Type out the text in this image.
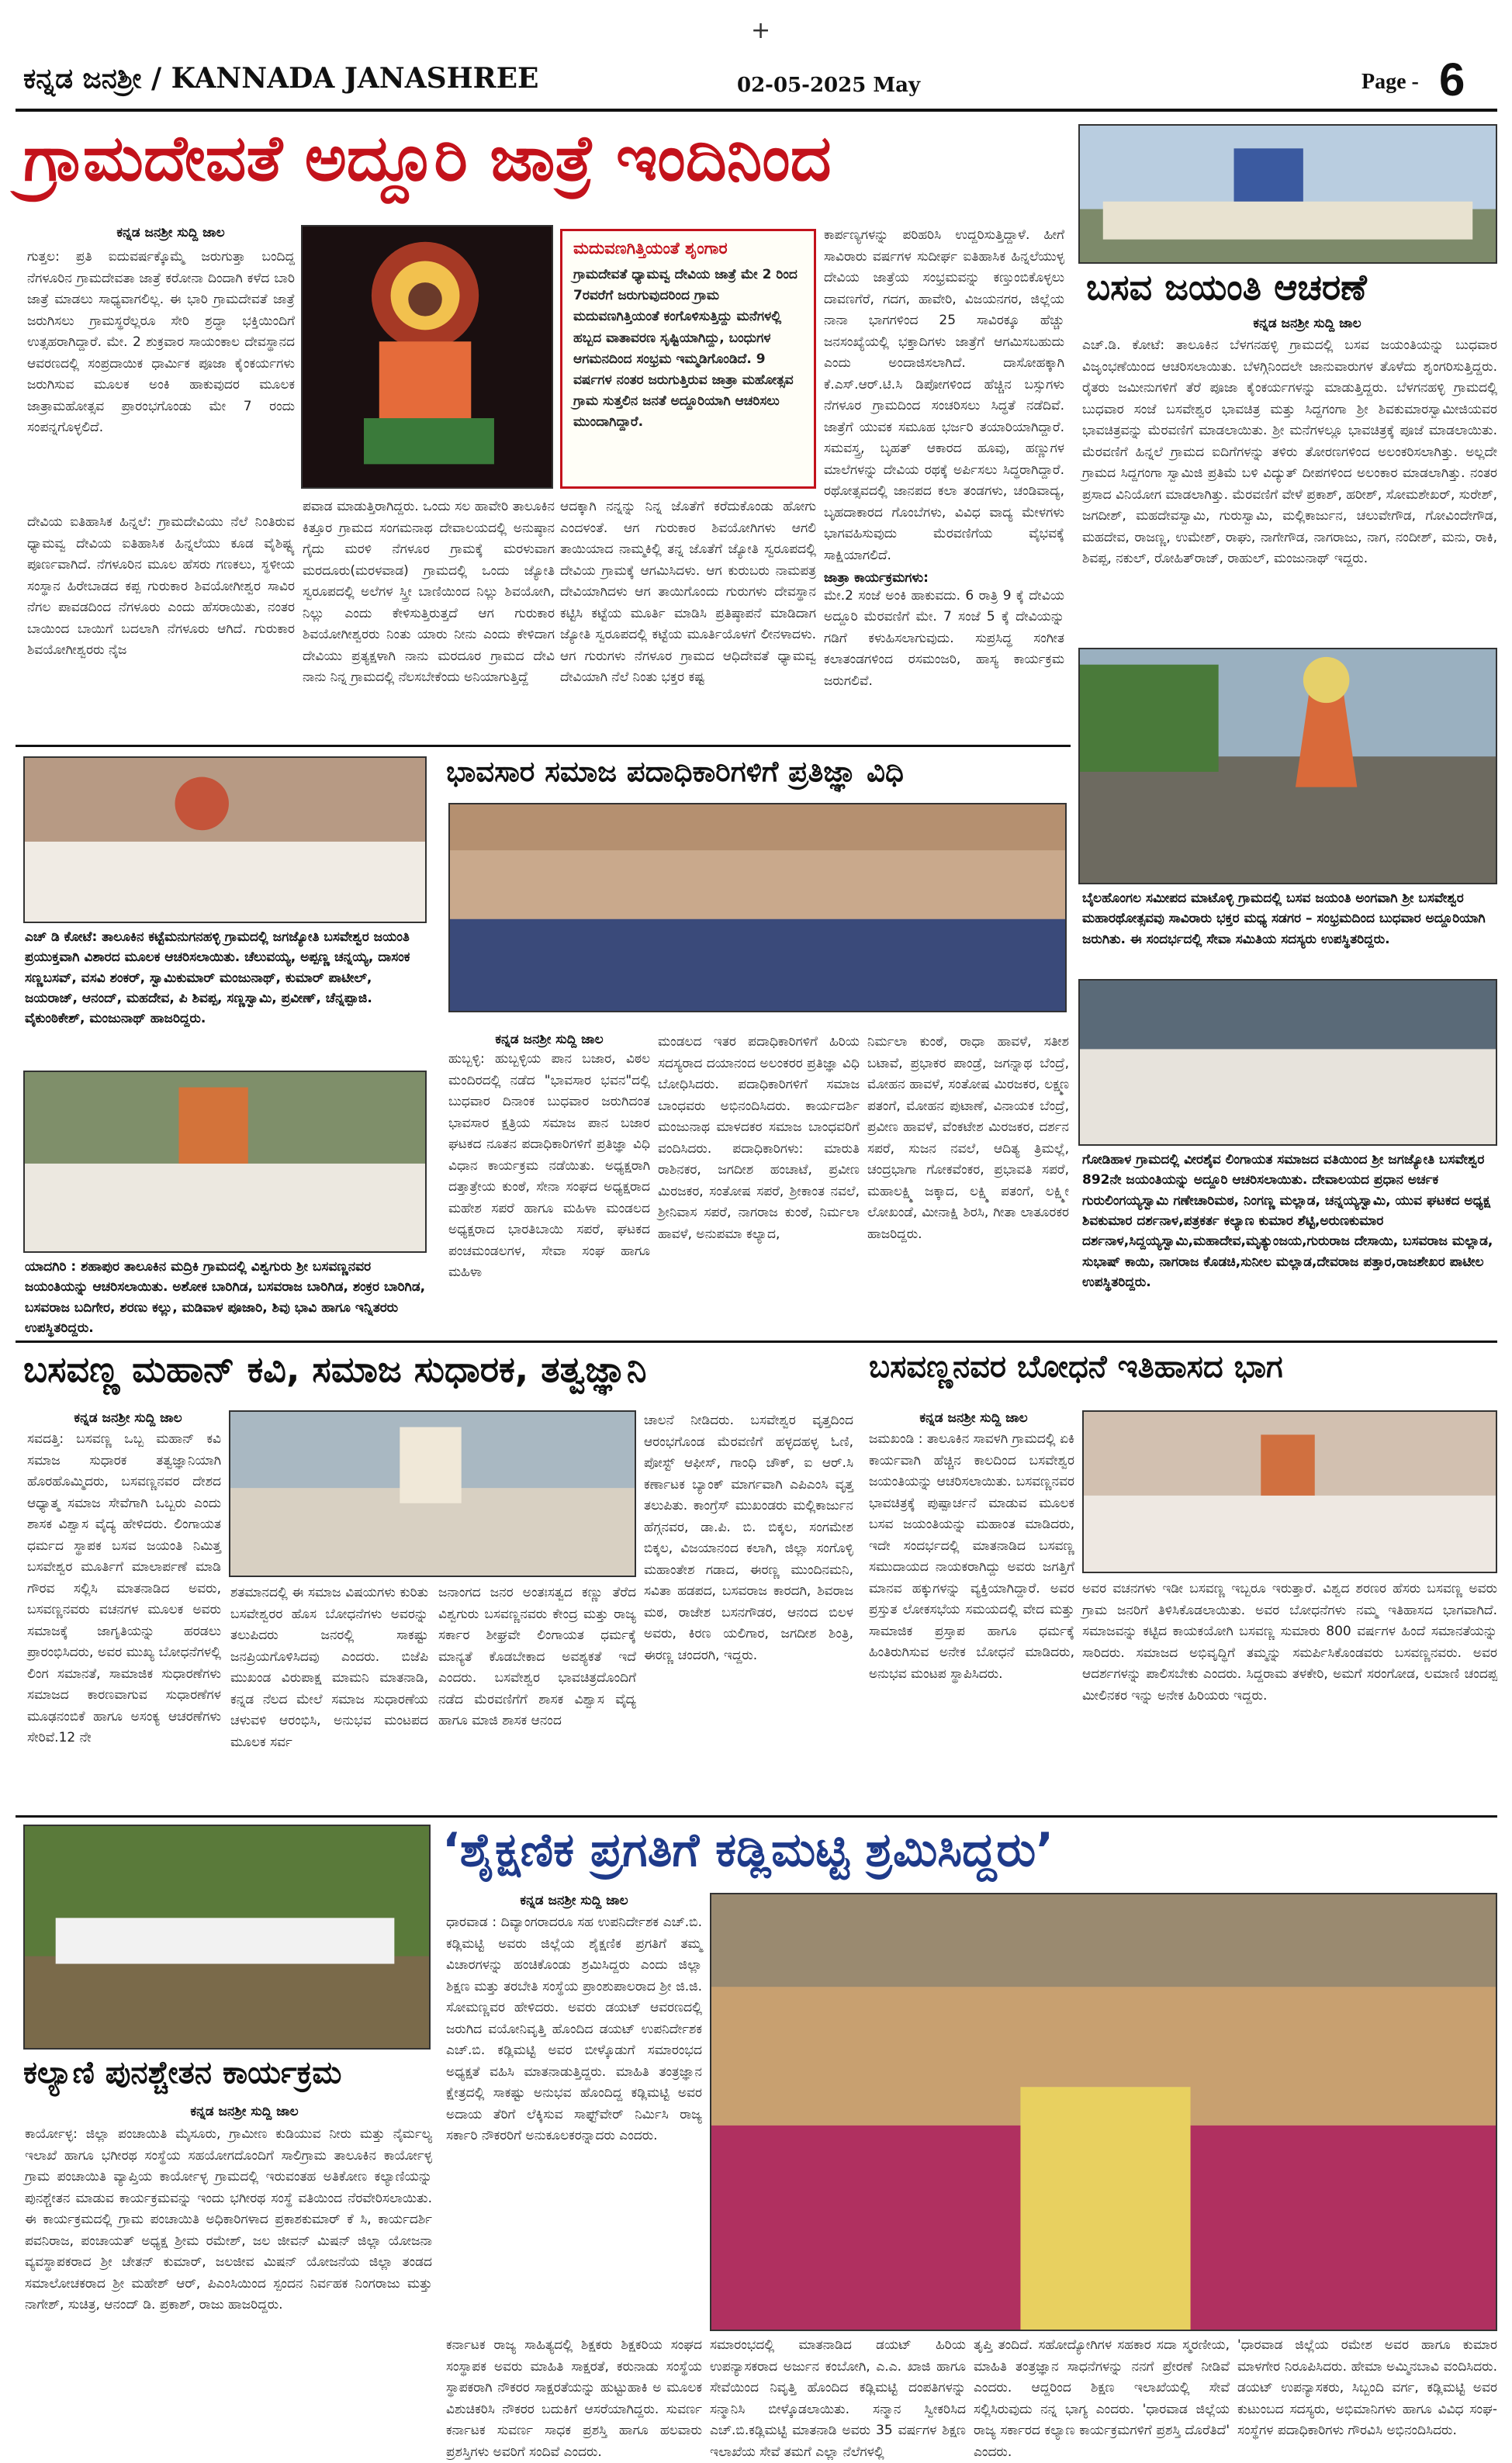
+
ಕನ್ನಡ ಜನಶ್ರೀ / KANNADA JANASHREE	02-05-2025 May	Page - 6
ಗ್ರಾಮದೇವತೆ ಅದ್ದೂರಿ ಜಾತ್ರೆ ಇಂದಿನಿಂದ
ಕನ್ನಡ ಜನಶ್ರೀ ಸುದ್ದಿ ಜಾಲ
ಗುತ್ತಲ: ಪ್ರತಿ ಐದುವರ್ಷಕ್ಕೊಮ್ಮೆ ಜರುಗುತ್ತಾ ಬಂದಿದ್ದ ನೆಗಳೂರಿನ ಗ್ರಾಮದೇವತಾ ಜಾತ್ರೆ ಕರೋನಾ ದಿಂದಾಗಿ ಕಳೆದ ಬಾರಿ ಜಾತ್ರೆ ಮಾಡಲು ಸಾಧ್ಯವಾಗಲಿಲ್ಲ. ಈ ಭಾರಿ ಗ್ರಾಮದೇವತೆ ಜಾತ್ರೆ ಜರುಗಿಸಲು ಗ್ರಾಮಸ್ಥರೆಲ್ಲರೂ ಸೇರಿ ಶ್ರದ್ಧಾ ಭಕ್ತಿಯಿಂದಿಗೆ ಉತ್ಸಹರಾಗಿದ್ದಾರೆ. ಮೇ. 2 ಶುಕ್ರವಾರ ಸಾಯಂಕಾಲ ದೇವಸ್ಥಾನದ ಆವರಣದಲ್ಲಿ ಸಂಪ್ರದಾಯಿಕ ಧಾರ್ಮಿಕ ಪೂಜಾ ಕೈಂಕರ್ಯಗಳು ಜರುಗಿಸುವ ಮೂಲಕ ಅಂಕಿ ಹಾಕುವುದರ ಮೂಲಕ ಜಾತ್ರಾಮಹೋತ್ಸವ ಪ್ರಾರಂಭಗೊಂಡು ಮೇ 7 ರಂದು ಸಂಪನ್ನಗೊಳ್ಳಲಿದೆ.
ದೇವಿಯ ಐತಿಹಾಸಿಕ ಹಿನ್ನಲೆ: ಗ್ರಾಮದೇವಿಯು ನೆಲೆ ನಿಂತಿರುವ ಧ್ಯಾಮವ್ವ ದೇವಿಯ ಐತಿಹಾಸಿಕ ಹಿನ್ನಲೆಯು ಕೂಡ ವೈಶಿಷ್ಟ್ಯ ಪೂರ್ಣವಾಗಿದೆ. ನೆಗಳೂರಿನ ಮೂಲ ಹೆಸರು ಗಣಕಲು, ಸ್ಥಳೀಯ ಸಂಸ್ಥಾನ ಹಿರೇಬಾಡದ ಕಪ್ಪ ಗುರುಕಾರ ಶಿವಯೋಗೀಶ್ವರ ಸಾವಿರ ನೆಗಲ ಪಾವಡದಿಂದ ನೆಗಳೂರು ಎಂದು ಹೆಸರಾಯಿತು, ನಂತರ ಬಾಯಿಂದ ಬಾಯಿಗೆ ಬದಲಾಗಿ ನೆಗಳೂರು ಆಗಿದೆ. ಗುರುಕಾರ ಶಿವಯೋಗೀಶ್ವರರು ನೈಜ
ಪವಾಡ ಮಾಡುತ್ತಿರಾಗಿದ್ದರು. ಒಂದು ಸಲ ಹಾವೇರಿ ತಾಲೂಕಿನ ಕಿತ್ತೂರ ಗ್ರಾಮದ ಸಂಗಮನಾಥ ದೇವಾಲಯದಲ್ಲಿ ಅನುಷ್ಠಾನ ಗೈದು ಮರಳಿ ನೆಗಳೂರ ಗ್ರಾಮಕ್ಕೆ ಮರಳುವಾಗ ಮರದೂರು(ಮರಳವಾಡ) ಗ್ರಾಮದಲ್ಲಿ ಒಂದು ಜ್ಯೋತಿ ಸ್ವರೂಪದಲ್ಲಿ ಅಲೆಗಳ ಸ್ತ್ರೀ ಬಾಣಿಯಿಂದ ನಿಲ್ಲು ಶಿವಯೋಗಿ, ನಿಲ್ಲು ಎಂದು ಕೇಳಿಸುತ್ತಿರುತ್ತದೆ ಆಗ ಗುರುಕಾರ ಶಿವಯೋಗೀಶ್ವರರು ನಿಂತು ಯಾರು ನೀನು ಎಂದು ಕೇಳಿದಾಗ ದೇವಿಯು ಪ್ರತ್ಯಕ್ಷಳಾಗಿ ನಾನು ಮರದೂರ ಗ್ರಾಮದ ದೇವಿ ನಾನು ನಿನ್ನ ಗ್ರಾಮದಲ್ಲಿ ನೆಲಸಬೇಕೆಂದು ಅನಿಯಾಗುತ್ತಿದ್ದೆ
ಮದುವಣಗಿತ್ತಿಯಂತೆ ಶೃಂಗಾರ
ಗ್ರಾಮದೇವತೆ ಧ್ಯಾಮವ್ವ ದೇವಿಯ ಜಾತ್ರೆ ಮೇ 2 ರಿಂದ 7ರವರೆಗೆ ಜರುಗುವುದರಿಂದ ಗ್ರಾಮ ಮದುವಣಗಿತ್ತಿಯಂತೆ ಕಂಗೊಳಿಸುತ್ತಿದ್ದು ಮನೆಗಳಲ್ಲಿ ಹಬ್ಬದ ವಾತಾವರಣ ಸೃಷ್ಟಿಯಾಗಿದ್ದು, ಬಂಧುಗಳ ಆಗಮನದಿಂದ ಸಂಭ್ರಮ ಇಮ್ಮಡಿಗೊಂಡಿದೆ. 9 ವರ್ಷಗಳ ನಂತರ ಜರುಗುತ್ತಿರುವ ಜಾತ್ರಾ ಮಹೋತ್ಸವ ಗ್ರಾಮ ಸುತ್ತಲಿನ ಜನತೆ ಅದ್ದೂರಿಯಾಗಿ ಆಚರಿಸಲು ಮುಂದಾಗಿದ್ದಾರೆ.
ಆದಕ್ಕಾಗಿ ನನ್ನನ್ನು ನಿನ್ನ ಜೊತೆಗೆ ಕರೆದುಕೊಂಡು ಹೋಗು ಎಂದಳಂತೆ. ಆಗ ಗುರುಕಾರ ಶಿವಯೋಗಿಗಳು ಆಗಲಿ ತಾಯಿಯಾದ ನಾಮ್ಮಕಿಲ್ಲಿ ತನ್ನ ಜೊತೆಗೆ ಜ್ಯೋತಿ ಸ್ವರೂಪದಲ್ಲಿ ದೇವಿಯ ಗ್ರಾಮಕ್ಕೆ ಆಗಮಿಸಿದಳು. ಆಗ ಕುರುಬರು ನಾಮಪತ್ರ ದೇವಿಯಾಗಿದಳು ಆಗ ತಾಯಿಗೊಂದು ಗುರುಗಳು ದೇವಸ್ಥಾನ ಕಟ್ಟಿಸಿ ಕಟ್ಟೆಯ ಮೂರ್ತಿ ಮಾಡಿಸಿ ಪ್ರತಿಷ್ಠಾಪನೆ ಮಾಡಿದಾಗ ಜ್ಯೋತಿ ಸ್ವರೂಪದಲ್ಲಿ ಕಟ್ಟೆಯ ಮೂರ್ತಿಯೊಳಗೆ ಲೀನಳಾದಳು. ಆಗ ಗುರುಗಳು ನೆಗಳೂರ ಗ್ರಾಮದ ಆಧಿದೇವತೆ ಧ್ಯಾಮವ್ವ ದೇವಿಯಾಗಿ ನೆಲೆ ನಿಂತು ಭಕ್ತರ ಕಷ್ಟ
ಕಾರ್ಪಣ್ಯಗಳನ್ನು ಪರಿಹರಿಸಿ ಉದ್ದರಿಸುತ್ತಿದ್ದಾಳೆ. ಹೀಗೆ ಸಾವಿರಾರು ವರ್ಷಗಳ ಸುದೀರ್ಘ ಐತಿಹಾಸಿಕ ಹಿನ್ನಲೆಯುಳ್ಳ ದೇವಿಯ ಜಾತ್ರೆಯ ಸಂಭ್ರಮವನ್ನು ಕಣ್ತುಂಬಿಕೊಳ್ಳಲು ದಾವಣಗೆರೆ, ಗದಗ, ಹಾವೇರಿ, ವಿಜಯನಗರ, ಜಿಲ್ಲೆಯ ನಾನಾ ಭಾಗಗಳಿಂದ 25 ಸಾವಿರಕ್ಕೂ ಹೆಚ್ಚು ಜನಸಂಖ್ಯೆಯಲ್ಲಿ ಭಕ್ತಾದಿಗಳು ಜಾತ್ರೆಗೆ ಆಗಮಿಸಬಹುದು ಎಂದು ಅಂದಾಜಿಸಲಾಗಿದೆ. ದಾಸೋಹಕ್ಕಾಗಿ ಕೆ.ಎಸ್.ಆರ್.ಟಿ.ಸಿ ಡಿಪೋಗಳಿಂದ ಹೆಚ್ಚಿನ ಬಸ್ಸುಗಳು ನೆಗಳೂರ ಗ್ರಾಮದಿಂದ ಸಂಚರಿಸಲು ಸಿದ್ಧತೆ ನಡೆದಿವೆ. ಜಾತ್ರೆಗೆ ಯುವಕ ಸಮೂಹ ಭರ್ಜರಿ ತಯಾರಿಯಾಗಿದ್ದಾರೆ. ಸಮವಸ್ತ್ರ, ಬೃಹತ್ ಆಕಾರದ ಹೂವು, ಹಣ್ಣುಗಳ ಮಾಲೆಗಳನ್ನು ದೇವಿಯ ರಥಕ್ಕೆ ಅರ್ಪಿಸಲು ಸಿದ್ಧರಾಗಿದ್ದಾರೆ. ರಥೋತ್ಸವದಲ್ಲಿ ಜಾನಪದ ಕಲಾ ತಂಡಗಳು, ಚಂಡಿವಾದ್ಯ, ಬೃಹದಾಕಾರದ ಗೊಂಬೆಗಳು, ವಿವಿಧ ವಾದ್ಯ ಮೇಳಗಳು ಭಾಗವಹಿಸುವುದು ಮೆರವಣಿಗೆಯ ವೈಭವಕ್ಕೆ ಸಾಕ್ಷಿಯಾಗಲಿದೆ.
ಜಾತ್ರಾ ಕಾರ್ಯಕ್ರಮಗಳು:
ಮೇ.2 ಸಂಜೆ ಅಂಕಿ ಹಾಕುವದು. 6 ರಾತ್ರಿ 9 ಕ್ಕೆ ದೇವಿಯ ಅದ್ದೂರಿ ಮೆರವಣಿಗೆ ಮೇ. 7 ಸಂಜೆ 5 ಕ್ಕೆ ದೇವಿಯನ್ನು ಗಡಿಗೆ ಕಳುಹಿಸಲಾಗುವುದು. ಸುಪ್ರಸಿದ್ಧ ಸಂಗೀತ ಕಲಾತಂಡಗಳಿಂದ ರಸಮಂಜರಿ, ಹಾಸ್ಯ ಕಾರ್ಯಕ್ರಮ ಜರುಗಲಿವೆ.
ಬಸವ ಜಯಂತಿ ಆಚರಣೆ
ಕನ್ನಡ ಜನಶ್ರೀ ಸುದ್ದಿ ಜಾಲ
ಎಚ್.ಡಿ. ಕೋಟೆ: ತಾಲೂಕಿನ ಬೆಳಗನಹಳ್ಳಿ ಗ್ರಾಮದಲ್ಲಿ ಬಸವ ಜಯಂತಿಯನ್ನು ಬುಧವಾರ ವಿಜೃಂಭಣೆಯಿಂದ ಆಚರಿಸಲಾಯಿತು. ಬೆಳಗ್ಗಿನಿಂದಲೇ ಜಾನುವಾರುಗಳ ತೊಳೆದು ಶೃಂಗರಿಸುತ್ತಿದ್ದರು. ರೈತರು ಜಮೀನುಗಳಿಗೆ ತೆರೆ ಪೂಜಾ ಕೈಂಕರ್ಯಗಳನ್ನು ಮಾಡುತ್ತಿದ್ದರು. ಬೆಳಗನಹಳ್ಳಿ ಗ್ರಾಮದಲ್ಲಿ ಬುಧವಾರ ಸಂಜೆ ಬಸವೇಶ್ವರ ಭಾವಚಿತ್ರ ಮತ್ತು ಸಿದ್ದಗಂಗಾ ಶ್ರೀ ಶಿವಕುಮಾರಸ್ವಾಮೀಜಿಯವರ ಭಾವಚಿತ್ರವನ್ನು ಮೆರವಣಿಗೆ ಮಾಡಲಾಯಿತು. ಶ್ರೀ ಮನೆಗಳಲ್ಲೂ ಭಾವಚಿತ್ರಕ್ಕೆ ಪೂಜೆ ಮಾಡಲಾಯಿತು. ಮೆರವಣಿಗೆ ಹಿನ್ನಲೆ ಗ್ರಾಮದ ಐದಿಗೆಗಳನ್ನು ತಳಿರು ತೋರಣಗಳಿಂದ ಅಲಂಕರಿಸಲಾಗಿತ್ತು. ಅಲ್ಲದೇ ಗ್ರಾಮದ ಸಿದ್ದಗಂಗಾ ಸ್ವಾಮಿಜಿ ಪ್ರತಿಮೆ ಬಳಿ ವಿದ್ಯುತ್ ದೀಪಗಳಿಂದ ಅಲಂಕಾರ ಮಾಡಲಾಗಿತ್ತು. ನಂತರ ಪ್ರಸಾದ ವಿನಿಯೋಗ ಮಾಡಲಾಗಿತ್ತು. ಮೆರವಣಿಗೆ ವೇಳೆ ಪ್ರಕಾಶ್, ಹರೀಶ್, ಸೋಮಶೇಖರ್, ಸುರೇಶ್, ಜಗದೀಶ್, ಮಹದೇವಸ್ವಾಮಿ, ಗುರುಸ್ವಾಮಿ, ಮಲ್ಲಿಕಾರ್ಜುನ, ಚಲುವೇಗೌಡ, ಗೋವಿಂದೇಗೌಡ, ಮಹದೇವ, ರಾಜಣ್ಣ, ಉಮೇಶ್, ರಾಘು, ನಾಗೇಗೌಡ, ನಾಗರಾಜು, ನಾಗ, ನಂದೀಶ್, ಮನು, ರಾಕಿ, ಶಿವಪ್ಪ, ನಕುಲ್, ರೋಹಿತ್‌ರಾಜ್, ರಾಹುಲ್, ಮಂಜುನಾಥ್ ಇದ್ದರು.
ಬೈಲಹೊಂಗಲ ಸಮೀಪದ ಮಾಟೊಳ್ಳಿ ಗ್ರಾಮದಲ್ಲಿ ಬಸವ ಜಯಂತಿ ಅಂಗವಾಗಿ ಶ್ರೀ ಬಸವೇಶ್ವರ ಮಹಾರಥೋತ್ಸವವು ಸಾವಿರಾರು ಭಕ್ತರ ಮಧ್ಯ ಸಡಗರ – ಸಂಭ್ರಮದಿಂದ ಬುಧವಾರ ಅದ್ದೂರಿಯಾಗಿ ಜರುಗಿತು. ಈ ಸಂದರ್ಭದಲ್ಲಿ ಸೇವಾ ಸಮಿತಿಯ ಸದಸ್ಯರು ಉಪಸ್ಥಿತರಿದ್ದರು.
ಗೋಡಿಹಾಳ ಗ್ರಾಮದಲ್ಲಿ ವೀರಶೈವ ಲಿಂಗಾಯತ ಸಮಾಜದ ವತಿಯಿಂದ ಶ್ರೀ ಜಗಜ್ಯೋತಿ ಬಸವೇಶ್ವರ 892ನೇ ಜಯಂತಿಯನ್ನು ಅದ್ದೂರಿ ಆಚರಿಸಲಾಯಿತು. ದೇವಾಲಯದ ಪ್ರಧಾನ ಅರ್ಚಕ ಗುರುಲಿಂಗಯ್ಯಸ್ವಾಮಿ ಗಣೇಚಾರಿಮಠ, ನಿಂಗಣ್ಣ ಮಲ್ಲಾಡ, ಚನ್ನಯ್ಯಸ್ವಾಮಿ, ಯುವ ಘಟಕದ ಅಧ್ಯಕ್ಷ ಶಿವಕುಮಾರ ದರ್ಶನಾಳ,ಪತ್ರಕರ್ತ ಕಲ್ಯಾಣ ಕುಮಾರ ಶೆಟ್ಟಿ,ಅರುಣಕುಮಾರ ದರ್ಶನಾಳ,ಸಿದ್ದಯ್ಯಸ್ವಾಮಿ,ಮಹಾದೇವ,ಮೃತ್ಯುಂಜಯ,ಗುರುರಾಜ ದೇಸಾಯಿ, ಬಸವರಾಜ ಮಲ್ಲಾಡ, ಸುಭಾಷ್ ಕಾಯಿ, ನಾಗರಾಜ ಕೊಡಚಿ,ಸುನೀಲ ಮಲ್ಲಾಡ,ದೇವರಾಜ ಪತ್ತಾರ,ರಾಜಶೇಖರ ಪಾಟೀಲ ಉಪಸ್ಥಿತರಿದ್ದರು.
ಎಚ್ ಡಿ ಕೋಟೆ: ತಾಲೂಕಿನ ಕಟ್ಟೆಮನುಗನಹಳ್ಳಿ ಗ್ರಾಮದಲ್ಲಿ ಜಗಜ್ಯೋತಿ ಬಸವೇಶ್ವರ ಜಯಂತಿ ಪ್ರಯುಕ್ತವಾಗಿ ವಿಶಾರದ ಮೂಲಕ ಆಚರಿಸಲಾಯಿತು. ಚೆಲುವಯ್ಯ, ಅಪ್ಪಣ್ಣ ಚನ್ನಯ್ಯ, ದಾಸಂಕ ಸಣ್ಣಬಸವ್, ವಸವಿ ಶಂಕರ್, ಸ್ವಾಮಿಕುಮಾರ್ ಮಂಜುನಾಥ್, ಕುಮಾರ್ ಪಾಟೀಲ್, ಜಯರಾಜ್, ಆನಂದ್, ಮಹದೇವ, ಪಿ ಶಿವಪ್ಪ, ಸಣ್ಣಸ್ವಾಮಿ, ಪ್ರವೀಣ್, ಚೆನ್ನಪ್ಪಾಜಿ. ವೈಕುಂಠಿಕೇಶ್, ಮಂಜುನಾಥ್ ಹಾಜರಿದ್ದರು.
ಯಾದಗಿರಿ : ಶಹಾಪುರ ತಾಲೂಕಿನ ಮದ್ರಿಕಿ ಗ್ರಾಮದಲ್ಲಿ ವಿಶ್ವಗುರು ಶ್ರೀ ಬಸವಣ್ಣನವರ ಜಯಂತಿಯನ್ನು ಆಚರಿಸಲಾಯಿತು. ಅಶೋಕ ಬಾರಿಗಿಡ, ಬಸವರಾಜ ಬಾರಿಗಿಡ, ಶಂಕ್ರರ ಬಾರಿಗಿಡ, ಬಸವರಾಜ ಬದಿಗೇರ, ಶರಣು ಕಲ್ಲು, ಮಡಿವಾಳ ಪೂಜಾರಿ, ಶಿವು ಭಾವಿ ಹಾಗೂ ಇನ್ನಿತರರು ಉಪಸ್ಥಿತರಿದ್ದರು.
ಭಾವಸಾರ ಸಮಾಜ ಪದಾಧಿಕಾರಿಗಳಿಗೆ ಪ್ರತಿಜ್ಞಾ ವಿಧಿ
ಕನ್ನಡ ಜನಶ್ರೀ ಸುದ್ದಿ ಜಾಲ
ಹುಬ್ಬಳ್ಳಿ: ಹುಬ್ಬಳ್ಳಿಯ ಪಾನ ಬಜಾರ, ವಿಠಲ ಮಂದಿರದಲ್ಲಿ ನಡೆದ "ಭಾವಸಾರ ಭವನ"ದಲ್ಲಿ ಬುಧವಾರ ದಿನಾಂಕ ಬುಧವಾರ ಜರುಗಿದಂತ ಭಾವಸಾರ ಕ್ಷತ್ರಿಯ ಸಮಾಜ ಪಾನ ಬಜಾರ ಘಟಕದ ನೂತನ ಪದಾಧಿಕಾರಿಗಳಿಗೆ ಪ್ರತಿಜ್ಞಾ ವಿಧಿ ವಿಧಾನ ಕಾರ್ಯಕ್ರಮ ನಡೆಯಿತು. ಅಧ್ಯಕ್ಷರಾಗಿ ದತ್ತಾತ್ರೇಯ ಕುಂಠೆ, ಸೇನಾ ಸಂಘದ ಅಧ್ಯಕ್ಷರಾದ ಮಹೇಶ ಸಪರೆ ಹಾಗೂ ಮಹಿಳಾ ಮಂಡಲದ ಅಧ್ಯಕ್ಷರಾದ ಭಾರತಿಬಾಯಿ ಸಪರೆ, ಘಟಕದ ಪಂಚಮಂಡಲಗಳ, ಸೇವಾ ಸಂಘ ಹಾಗೂ ಮಹಿಳಾ
ಮಂಡಲದ ಇತರ ಪದಾಧಿಕಾರಿಗಳಿಗೆ ಹಿರಿಯ ಸದಸ್ಯರಾದ ದಯಾನಂದ ಅಲಂಕರರ ಪ್ರತಿಜ್ಞಾ ವಿಧಿ ಬೋಧಿಸಿದರು. ಪದಾಧಿಕಾರಿಗಳಿಗೆ ಸಮಾಜ ಬಾಂಧವರು ಅಭಿನಂದಿಸಿದರು. ಕಾರ್ಯದರ್ಶಿ ಮಂಜುನಾಥ ಮಾಳದಕರ ಸಮಾಜ ಬಾಂಧವರಿಗೆ ವಂದಿಸಿದರು. ಪದಾಧಿಕಾರಿಗಳು: ಮಾರುತಿ ರಾಶಿನಕರ, ಜಗದೀಶ ಹಂಚಾಟೆ, ಪ್ರವೀಣ ಮಿರಜಕರ, ಸಂತೋಷ ಸಪರೆ, ಶ್ರೀಕಾಂತ ನವಲೆ, ಶ್ರೀನಿವಾಸ ಸಪರೆ, ನಾಗರಾಜ ಕುಂಠೆ, ನಿರ್ಮಲಾ ಹಾವಳೆ, ಅನುಪಮಾ ಕಲ್ಯಾದ,
ನಿರ್ಮಲಾ ಕುಂಠೆ, ರಾಧಾ ಹಾವಳೆ, ಸತೀಶ ಬಟಾವೆ, ಪ್ರಭಾಕರ ಪಾಂಡ್ರೆ, ಜಗನ್ನಾಥ ಬೆಂದ್ರೆ, ಮೋಹನ ಹಾವಳೆ, ಸಂತೋಷ ಮಿರಜಕರ, ಲಕ್ಷ್ಮಣ ಪತಂಗೆ, ಮೋಹನ ಪುಟಾಣೆ, ವಿನಾಯಕ ಬೆಂದ್ರೆ, ಪ್ರವೀಣ ಹಾವಳೆ, ವೆಂಕಟೇಶ ಮಿರಜಕರ, ದರ್ಶನ ಸಪರೆ, ಸುಜನ ನವಲೆ, ಆದಿತ್ಯ ತ್ರಿಮಲ್ಲೆ, ಚಂದ್ರಭಾಗಾ ಗೋಕವೆಂಕರ, ಪ್ರಭಾವತಿ ಸಪರೆ, ಮಹಾಲಕ್ಷ್ಮಿ ಜಕ್ಕಾದ, ಲಕ್ಷ್ಮಿ ಪತಂಗೆ, ಲಕ್ಷ್ಮೀ ಲೋಖಂಡೆ, ಮೀನಾಕ್ಷಿ ಶಿರಸಿ, ಗೀತಾ ಲಾತೂರಕರ ಹಾಜರಿದ್ದರು.
ಬಸವಣ್ಣ ಮಹಾನ್ ಕವಿ, ಸಮಾಜ ಸುಧಾರಕ, ತತ್ವಜ್ಞಾನಿ
ಕನ್ನಡ ಜನಶ್ರೀ ಸುದ್ದಿ ಜಾಲ
ಸವದತ್ತಿ: ಬಸವಣ್ಣ ಒಬ್ಬ ಮಹಾನ್ ಕವಿ ಸಮಾಜ ಸುಧಾರಕ ತತ್ವಜ್ಞಾನಿಯಾಗಿ ಹೊರಹೊಮ್ಮಿದರು, ಬಸವಣ್ಣನವರ ದೇಶದ ಆಧ್ಯಾತ್ಮ ಸಮಾಜ ಸೇವೆಗಾಗಿ ಒಬ್ಬರು ಎಂದು ಶಾಸಕ ವಿಶ್ವಾಸ ವೈದ್ಯ ಹೇಳಿದರು. ಲಿಂಗಾಯತ ಧರ್ಮದ ಸ್ಥಾಪಕ ಬಸವ ಜಯಂತಿ ನಿಮಿತ್ತ ಬಸವೇಶ್ವರ ಮೂರ್ತಿಗೆ ಮಾಲಾರ್ಪಣೆ ಮಾಡಿ ಗೌರವ ಸಲ್ಲಿಸಿ ಮಾತನಾಡಿದ ಅವರು, ಬಸವಣ್ಣನವರು ವಚನಗಳ ಮೂಲಕ ಅವರು ಸಮಾಜಕ್ಕೆ ಜಾಗೃತಿಯನ್ನು ಹರಡಲು ಪ್ರಾರಂಭಿಸಿದರು, ಅವರ ಮುಖ್ಯ ಬೋಧನೆಗಳಲ್ಲಿ ಲಿಂಗ ಸಮಾನತೆ, ಸಾಮಾಜಿಕ ಸುಧಾರಣೆಗಳು ಸಮಾಜದ ಕಾರಣವಾಗುವ ಸುಧಾರಣೆಗಳ ಮೂಢನಂಬಿಕೆ ಹಾಗೂ ಅಸಂಕ್ಯ ಆಚರಣೆಗಳು ಸೇರಿವೆ.12 ನೇ
ಶತಮಾನದಲ್ಲಿ ಈ ಸಮಾಜ ವಿಷಯಗಳು ಕುರಿತು ಬಸವೇಶ್ವರರ ಹೊಸ ಬೋಧನೆಗಳು ಅವರನ್ನು ತಲುಪಿದರು ಜನರಲ್ಲಿ ಸಾಕಷ್ಟು ಜನಪ್ರಿಯಗೊಳಿಸಿದವು ಎಂದರು. ಬಿಜೆಪಿ ಮುಖಂಡ ವಿರುಪಾಕ್ಷ ಮಾಮನಿ ಮಾತನಾಡಿ, ಕನ್ನಡ ನೆಲದ ಮೇಲೆ ಸಮಾಜ ಸುಧಾರಣೆಯ ಚಳುವಳಿ ಆರಂಭಿಸಿ, ಅನುಭವ ಮಂಟಪದ ಮೂಲಕ ಸರ್ವ
ಜನಾಂಗದ ಜನರ ಅಂತಃಸತ್ವದ ಕಣ್ಣು ತೆರೆದ ವಿಶ್ವಗುರು ಬಸವಣ್ಣನವರು ಕೇಂದ್ರ ಮತ್ತು ರಾಜ್ಯ ಸರ್ಕಾರ ಶೀಘ್ರವೇ ಲಿಂಗಾಯತ ಧರ್ಮಕ್ಕೆ ಮಾನ್ಯತೆ ಕೊಡಬೇಕಾದ ಅವಶ್ಯಕತೆ ಇದೆ ಎಂದರು. ಬಸವೇಶ್ವರ ಭಾವಚಿತ್ರದೊಂದಿಗೆ ನಡೆದ ಮೆರವಣಿಗೆಗೆ ಶಾಸಕ ವಿಶ್ವಾಸ ವೈದ್ಯ ಹಾಗೂ ಮಾಜಿ ಶಾಸಕ ಆನಂದ
ಚಾಲನೆ ನೀಡಿದರು. ಬಸವೇಶ್ವರ ವೃತ್ತದಿಂದ ಆರಂಭಗೊಂಡ ಮೆರವಣಿಗೆ ಹಳ್ಳದಹಳ್ಳ ಓಣಿ, ಪೋಸ್ಟ್ ಆಫೀಸ್, ಗಾಂಧಿ ಚೌಕ್, ಐ ಆರ್.ಸಿ ಕರ್ಣಾಟಕ ಬ್ಯಾಂಕ್ ಮಾರ್ಗವಾಗಿ ಎಪಿಎಂಸಿ ವೃತ್ತ ತಲುಪಿತು. ಕಾಂಗ್ರೆಸ್ ಮುಖಂಡರು ಮಲ್ಲಿಕಾರ್ಜುನ ಹೆಗ್ಗನವರ, ಡಾ.ಪಿ. ಬಿ. ಬಿಕ್ಕಲ, ಸಂಗಮೇಶ ಬಿಕ್ಕಲ, ವಿಜಯಾನಂದ ಕಲಾಗಿ, ಜಿಲ್ಲಾ ಸಂಗೊಳ್ಳಿ ಮಹಾಂತೇಶ ಗಡಾದ, ಈರಣ್ಣ ಮುಂದಿನಮನಿ, ಸವಿತಾ ಹಡಪದ, ಬಸವರಾಜ ಕಾರದಗಿ, ಶಿವರಾಜ ಮಠ, ರಾಜೇಶ ಬಸನಗೌಡರ, ಆನಂದ ಬಿಲಳ ಅವರು, ಕಿರಣ ಯಲಿಗಾರ, ಜಗದೀಶ ಶಿಂತ್ರಿ, ಈರಣ್ಣ ಚಂದರಗಿ, ಇದ್ದರು.
ಬಸವಣ್ಣನವರ ಬೋಧನೆ ಇತಿಹಾಸದ ಭಾಗ
ಕನ್ನಡ ಜನಶ್ರೀ ಸುದ್ದಿ ಜಾಲ
ಜಮಖಂಡಿ : ತಾಲೂಕಿನ ಸಾವಳಗಿ ಗ್ರಾಮದಲ್ಲಿ ಏಕಿ ಕಾರ್ಯವಾಗಿ ಹೆಚ್ಚಿನ ಕಾಲದಿಂದ ಬಸವೇಶ್ವರ ಜಯಂತಿಯನ್ನು ಆಚರಿಸಲಾಯಿತು. ಬಸವಣ್ಣನವರ ಭಾವಚಿತ್ರಕ್ಕೆ ಪುಷ್ಪಾರ್ಚನೆ ಮಾಡುವ ಮೂಲಕ ಬಸವ ಜಯಂತಿಯನ್ನು ಮಹಾಂತ ಮಾಡಿದರು, ಇದೇ ಸಂದರ್ಭದಲ್ಲಿ ಮಾತನಾಡಿದ ಬಸವಣ್ಣ ಸಮುದಾಯದ ನಾಯಕರಾಗಿದ್ದು ಅವರು ಜಗತ್ತಿಗೆ ಮಾನವ ಹಕ್ಕುಗಳನ್ನು ವ್ಯಕ್ತಿಯಾಗಿದ್ದಾರೆ. ಅವರ ಪ್ರಸ್ತುತ ಲೋಕಸಭೆಯ ಸಮಯದಲ್ಲಿ ವೇದ ಮತ್ತು ಸಾಮಾಜಿಕ ಪ್ರಸ್ತಾಪ ಹಾಗೂ ಧರ್ಮಕ್ಕೆ ಹಿಂತಿರುಗಿಸುವ ಅನೇಕ ಬೋಧನೆ ಮಾಡಿದರು, ಅನುಭವ ಮಂಟಪ ಸ್ಥಾಪಿಸಿದರು.
ಅವರ ವಚನಗಳು ಇಡೀ ಬಸವಣ್ಣ ಇಬ್ಬರೂ ಇರುತ್ತಾರೆ. ವಿಶ್ವದ ಶರಣರ ಹೆಸರು ಬಸವಣ್ಣ ಅವರು ಗ್ರಾಮ ಜನರಿಗೆ ತಿಳಿಸಿಕೊಡಲಾಯಿತು. ಅವರ ಬೋಧನೆಗಳು ನಮ್ಮ ಇತಿಹಾಸದ ಭಾಗವಾಗಿದೆ. ಸಮಾಜವನ್ನು ಕಟ್ಟಿದ ಕಾಯಕಯೋಗಿ ಬಸವಣ್ಣ ಸುಮಾರು 800 ವರ್ಷಗಳ ಹಿಂದೆ ಸಮಾನತೆಯನ್ನು ಸಾರಿದರು. ಸಮಾಜದ ಅಭಿವೃದ್ಧಿಗೆ ತಮ್ಮನ್ನು ಸಮರ್ಪಿಸಿಕೊಂಡವರು ಬಸವಣ್ಣನವರು. ಅವರ ಆದರ್ಶಗಳನ್ನು ಪಾಲಿಸಬೇಕು ಎಂದರು. ಸಿದ್ದರಾಮ ತಳಕೇರಿ, ಅಮಗೆ ಸರಂಗೋಡ, ಲಮಾಣಿ ಚಂದಪ್ಪ ಮೀಲಿನಕರ ಇನ್ನು ಅನೇಕ ಹಿರಿಯರು ಇದ್ದರು.
ಕಲ್ಯಾಣಿ ಪುನಶ್ಚೇತನ ಕಾರ್ಯಕ್ರಮ
ಕನ್ನಡ ಜನಶ್ರೀ ಸುದ್ದಿ ಜಾಲ
ಕಾರ್ಯೋಳ್ಳ: ಜಿಲ್ಲಾ ಪಂಚಾಯಿತಿ ಮೈಸೂರು, ಗ್ರಾಮೀಣ ಕುಡಿಯುವ ನೀರು ಮತ್ತು ನೈರ್ಮಲ್ಯ ಇಲಾಖೆ ಹಾಗೂ ಭಗೀರಥ ಸಂಸ್ಥೆಯ ಸಹಯೋಗದೊಂದಿಗೆ ಸಾಲಿಗ್ರಾಮ ತಾಲೂಕಿನ ಕಾರ್ಯೋಳ್ಳ ಗ್ರಾಮ ಪಂಚಾಯಿತಿ ವ್ಯಾಪ್ತಿಯ ಕಾರ್ಯೋಳ್ಳ ಗ್ರಾಮದಲ್ಲಿ ಇರುವಂತಹ ಅತಿಕೋಣ ಕಲ್ಯಾಣಿಯನ್ನು ಪುನಶ್ಚೇತನ ಮಾಡುವ ಕಾರ್ಯಕ್ರಮವನ್ನು ಇಂದು ಭಗೀರಥ ಸಂಸ್ಥೆ ವತಿಯಿಂದ ನೆರವೇರಿಸಲಾಯಿತು. ಈ ಕಾರ್ಯಕ್ರಮದಲ್ಲಿ ಗ್ರಾಮ ಪಂಚಾಯಿತಿ ಅಧಿಕಾರಿಗಳಾದ ಪ್ರಕಾಶಕುಮಾರ್ ಕೆ ಸಿ, ಕಾರ್ಯದರ್ಶಿ ಪವನಿರಾಜ, ಪಂಚಾಯತ್ ಅಧ್ಯಕ್ಷ ಶ್ರೀಮ ರಮೇಶ್, ಜಲ ಜೀವನ್ ಮಿಷನ್ ಜಿಲ್ಲಾ ಯೋಜನಾ ವ್ಯವಸ್ಥಾಪಕರಾದ ಶ್ರೀ ಚೇತನ್ ಕುಮಾರ್, ಜಲಜೀವ ಮಿಷನ್ ಯೋಜನೆಯ ಜಿಲ್ಲಾ ತಂಡದ ಸಮಾಲೋಚಕರಾದ ಶ್ರೀ ಮಹೇಶ್ ಆರ್, ಪಿಎಂಸಿಯಿಂದ ಸ್ಪಂದನ ನಿರ್ವಹಕ ನಿಂಗರಾಜು ಮತ್ತು ನಾಗೇಶ್, ಸುಚಿತ್ರ, ಆನಂದ್ ಡಿ. ಪ್ರಕಾಶ್, ರಾಜು ಹಾಜರಿದ್ದರು.
‘ಶೈಕ್ಷಣಿಕ ಪ್ರಗತಿಗೆ ಕಡ್ಲಿಮಟ್ಟಿ ಶ್ರಮಿಸಿದ್ದರು’
ಕನ್ನಡ ಜನಶ್ರೀ ಸುದ್ದಿ ಜಾಲ
ಧಾರವಾಡ : ದಿವ್ಯಾಂಗರಾದರೂ ಸಹ ಉಪನಿರ್ದೇಶಕ ಎಚ್.ಬಿ. ಕಡ್ಲಿಮಟ್ಟಿ ಅವರು ಜಿಲ್ಲೆಯ ಶೈಕ್ಷಣಿಕ ಪ್ರಗತಿಗೆ ತಮ್ಮ ವಿಚಾರಗಳನ್ನು ಹಂಚಿಕೊಂಡು ಶ್ರಮಿಸಿದ್ದರು ಎಂದು ಜಿಲ್ಲಾ ಶಿಕ್ಷಣ ಮತ್ತು ತರಬೇತಿ ಸಂಸ್ಥೆಯ ಪ್ರಾಂಶುಪಾಲರಾದ ಶ್ರೀ ಜಿ.ಜಿ. ಸೋಮಣ್ಣವರ ಹೇಳಿದರು. ಅವರು ಡಯಟ್ ಆವರಣದಲ್ಲಿ ಜರುಗಿದ ವಯೋನಿವೃತ್ತಿ ಹೊಂದಿದ ಡಯಟ್ ಉಪನಿರ್ದೇಶಕ ಎಚ್.ಬಿ. ಕಡ್ಲಿಮಟ್ಟಿ ಅವರ ಬೀಳ್ಕೊಡುಗೆ ಸಮಾರಂಭದ ಅಧ್ಯಕ್ಷತೆ ವಹಿಸಿ ಮಾತನಾಡುತ್ತಿದ್ದರು. ಮಾಹಿತಿ ತಂತ್ರಜ್ಞಾನ ಕ್ಷೇತ್ರದಲ್ಲಿ ಸಾಕಷ್ಟು ಅನುಭವ ಹೊಂದಿದ್ದ ಕಡ್ಲಿಮಟ್ಟಿ ಅವರ ಅದಾಯ ತೆರಿಗೆ ಲೆಕ್ಕಿಸುವ ಸಾಫ್ಟ್‌ವೇರ್ ನಿರ್ಮಿಸಿ ರಾಜ್ಯ ಸರ್ಕಾರಿ ನೌಕರರಿಗೆ ಅನುಕೂಲಕರನ್ನಾದರು ಎಂದರು.
ಕರ್ನಾಟಕ ರಾಜ್ಯ ಸಾಹಿತ್ಯದಲ್ಲಿ ಶಿಕ್ಷಕರು ಶಿಕ್ಷಕರಿಯ ಸಂಘದ ಸಂಸ್ಥಾಪಕ ಅವರು ಮಾಹಿತಿ ಸಾಕ್ಷರತೆ, ಕರುನಾಡು ಸಂಸ್ಥೆಯ ಸ್ಥಾಪಕರಾಗಿ ನೌಕರರ ಸಾಕ್ಷರತೆಯನ್ನು ಹುಟ್ಟುಹಾಕಿ ಅ ಮೂಲಕ ವಿಶುಚಿಕರಿಸಿ ನೌಕರರ ಬದುಕಿಗೆ ಆಸರೆಯಾಗಿದ್ದರು. ಸುವರ್ಣ ಕರ್ನಾಟಕ ಸುವರ್ಣ ಸಾಧಕ ಪ್ರಶಸ್ತಿ ಹಾಗೂ ಹಲವಾರು ಪ್ರಶಸ್ತಿಗಳು ಅವರಿಗೆ ಸಂದಿವೆ ಎಂದರು.
ಸಮಾರಂಭದಲ್ಲಿ ಮಾತನಾಡಿದ ಡಯಟ್ ಹಿರಿಯ ಉಪನ್ಯಾಸಕರಾದ ಅರ್ಜುನ ಕಂಬೋಗಿ, ಎ.ಎ. ಖಾಜಿ ಹಾಗೂ ಸೇವೆಯಿಂದ ನಿವೃತ್ತಿ ಹೊಂದಿದ ಕಡ್ಲಿಮಟ್ಟಿ ದಂಪತಿಗಳನ್ನು ಸನ್ಮಾನಿಸಿ ಬೀಳ್ಕೊಡಲಾಯಿತು. ಸನ್ಮಾನ ಸ್ವೀಕರಿಸಿದ ಎಚ್.ಬಿ.ಕಡ್ಲಿಮಟ್ಟಿ ಮಾತನಾಡಿ ಅವರು 35 ವರ್ಷಗಳ ಶಿಕ್ಷಣ ಇಲಾಖೆಯ ಸೇವೆ ತಮಗೆ ಎಲ್ಲಾ ನೆಲೆಗಳಲ್ಲಿ
ತೃಪ್ತಿ ತಂದಿದೆ. ಸಹೋದ್ಯೋಗಿಗಳ ಸಹಕಾರ ಸದಾ ಸ್ಮರಣೀಯ, ಮಾಹಿತಿ ತಂತ್ರಜ್ಞಾನ ಸಾಧನೆಗಳನ್ನು ನನಗೆ ಪ್ರೇರಣೆ ನೀಡಿವೆ ಎಂದರು. ಆದ್ದರಿಂದ ಶಿಕ್ಷಣ ಇಲಾಖೆಯಲ್ಲಿ ಸೇವೆ ಸಲ್ಲಿಸಿರುವುದು ನನ್ನ ಭಾಗ್ಯ ಎಂದರು. 'ಧಾರವಾಡ ಜಿಲ್ಲೆಯ ರಾಜ್ಯ ಸರ್ಕಾರದ ಕಲ್ಯಾಣ ಕಾರ್ಯಕ್ರಮಗಳಿಗೆ ಪ್ರಶಸ್ತಿ ದೊರೆತಿದೆ' ಎಂದರು.
'ಧಾರವಾಡ ಜಿಲ್ಲೆಯ ರಮೇಶ ಅವರ ಹಾಗೂ ಕುಮಾರ ಮಾಳಗೇರ ನಿರೂಪಿಸಿದರು. ಹೇಮಾ ಅಮ್ಮಿನಬಾವಿ ವಂದಿಸಿದರು. ಡಯಟ್ ಉಪನ್ಯಾಸಕರು, ಸಿಬ್ಬಂದಿ ವರ್ಗ, ಕಡ್ಲಿಮಟ್ಟಿ ಅವರ ಕುಟುಂಬದ ಸದಸ್ಯರು, ಅಭಿಮಾನಿಗಳು ಹಾಗೂ ವಿವಿಧ ಸಂಘ-ಸಂಸ್ಥೆಗಳ ಪದಾಧಿಕಾರಿಗಳು ಗೌರವಿಸಿ ಅಭಿನಂದಿಸಿದರು.
